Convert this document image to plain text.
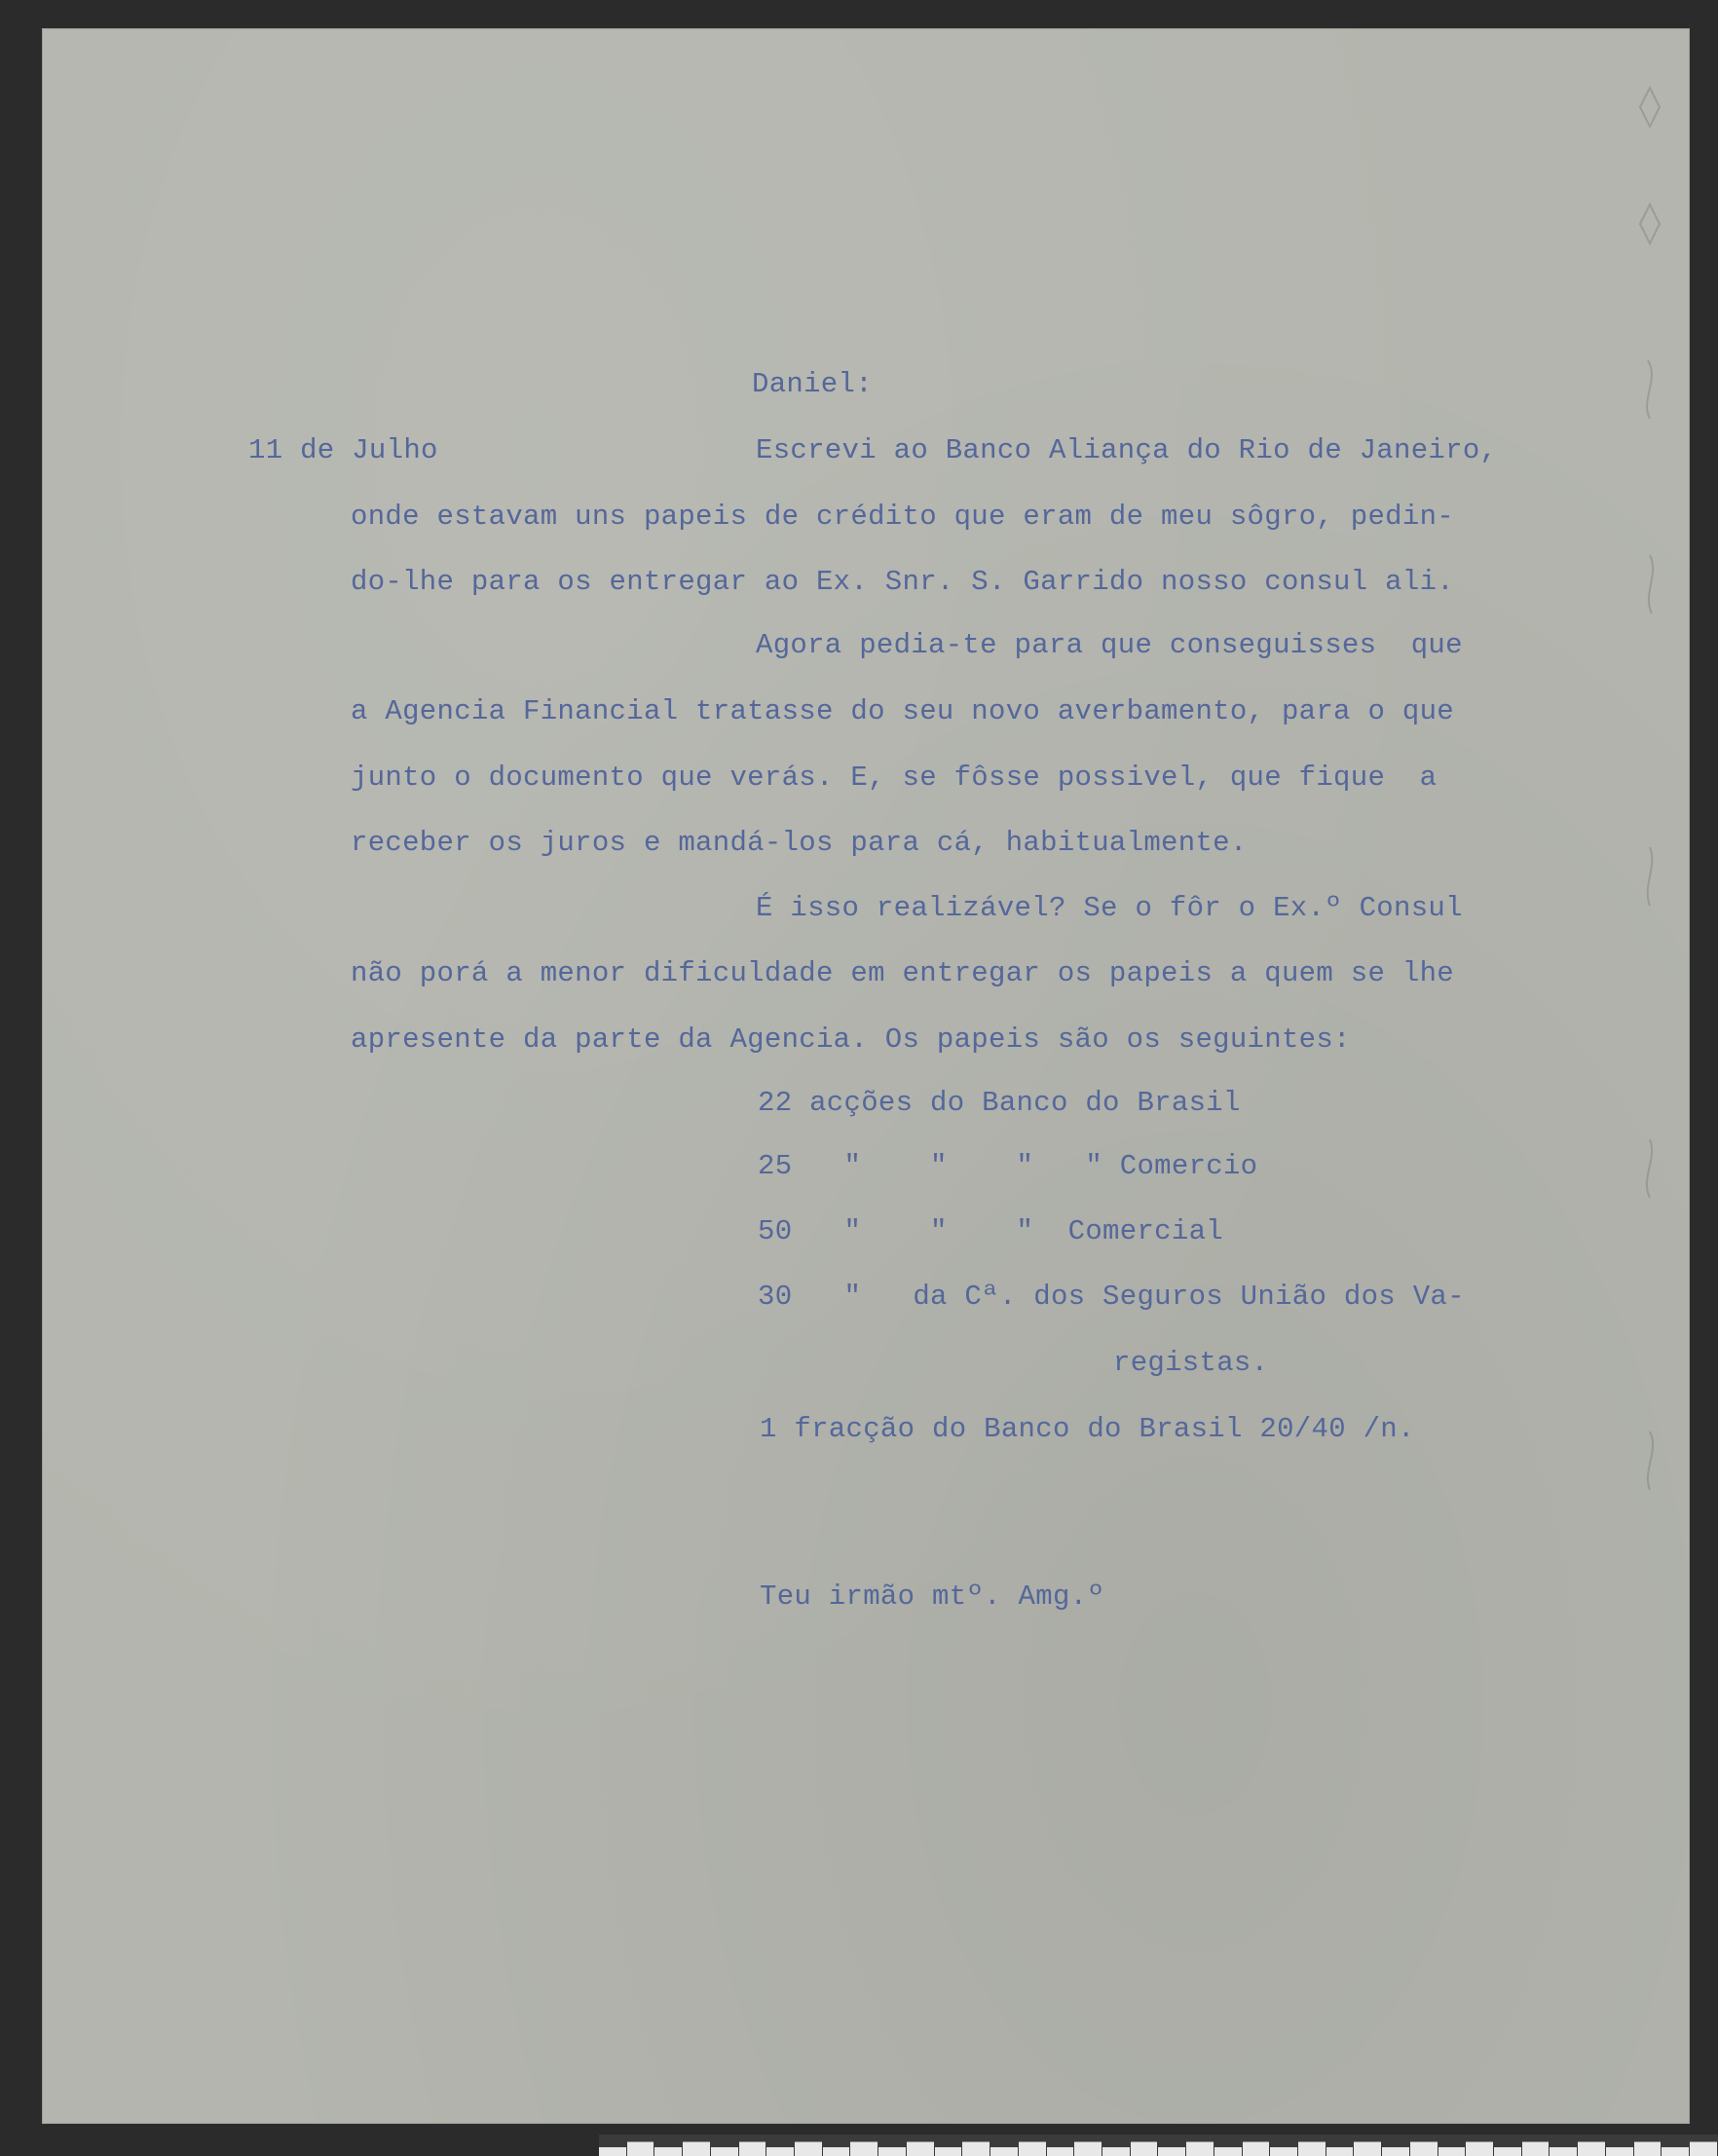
Daniel:
11 de Julho	Escrevi ao Banco Aliança do Rio de Janeiro,
onde estavam uns papeis de crédito que eram de meu sôgro, pedin-
do-lhe para os entregar ao Ex. Snr. S. Garrido nosso consul ali.
Agora pedia-te para que conseguisses  que
a Agencia Financial tratasse do seu novo averbamento, para o que
junto o documento que verás. E, se fôsse possivel, que fique  a
receber os juros e mandá-los para cá, habitualmente.
É isso realizável? Se o fôr o Ex.º Consul
não porá a menor dificuldade em entregar os papeis a quem se lhe
apresente da parte da Agencia. Os papeis são os seguintes:
22 acções do Banco do Brasil
25   "    "    "   " Comercio
50   "    "    "  Comercial
30   "   da Cª. dos Seguros União dos Va-
registas.
1 fracção do Banco do Brasil 20/40 /n.
Teu irmão mtº. Amg.º
